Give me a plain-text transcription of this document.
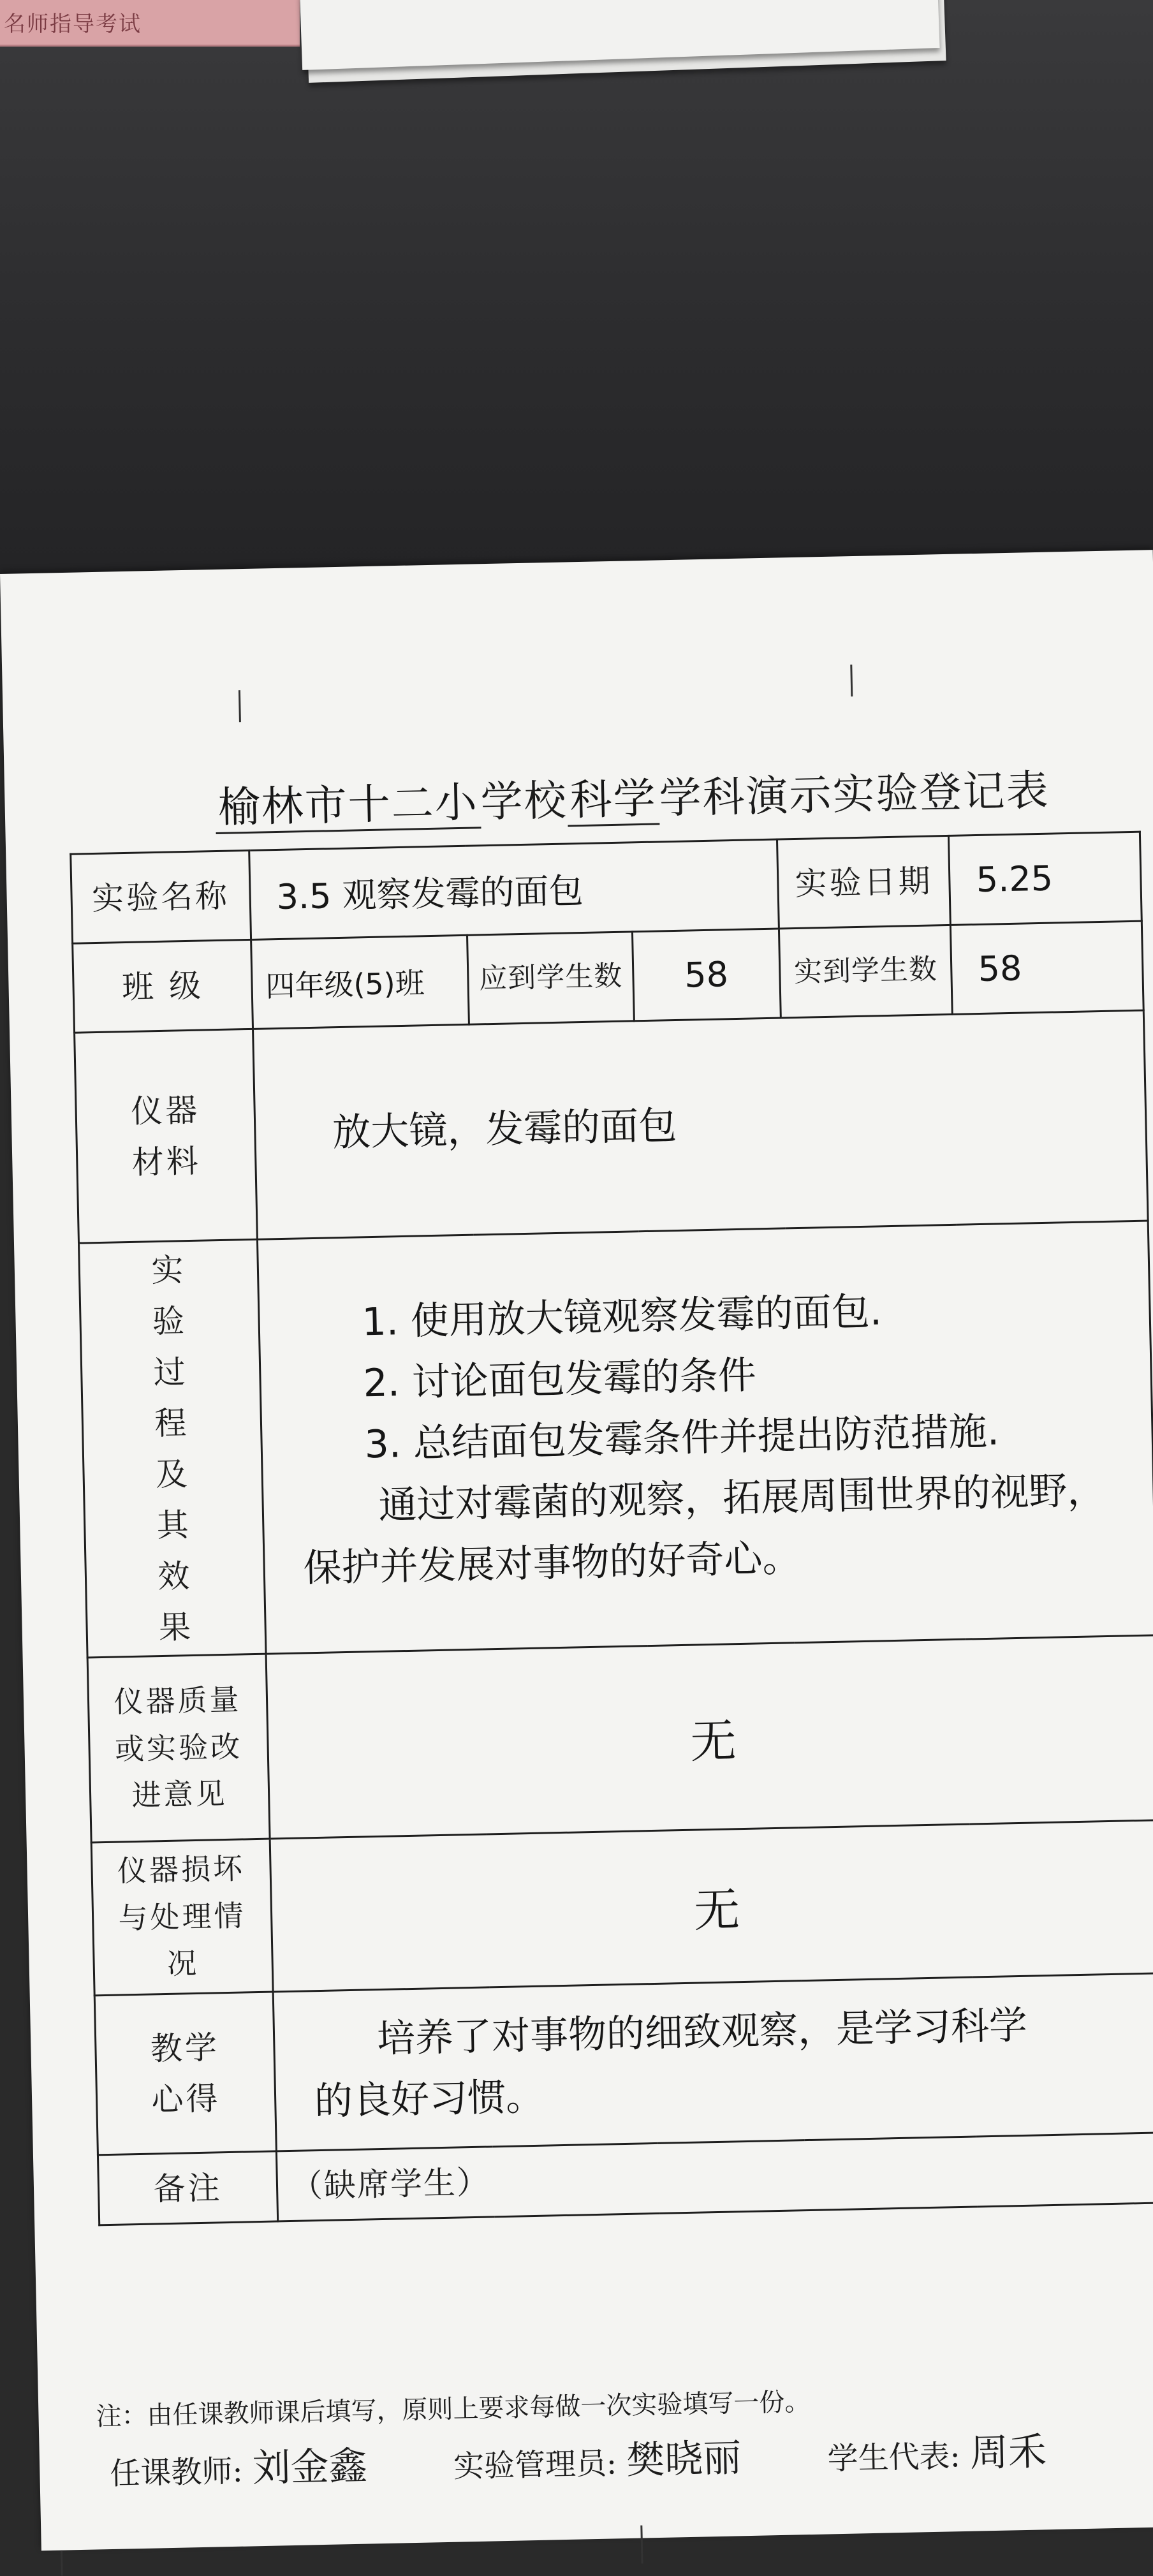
名师指导考试
榆林市十二小学校科学学科演示实验登记表
实验名称	3.5 观察发霉的面包			实验日期	5.25
班 级	四年级(5)班	应到学生数	58	实到学生数	58
仪器材料	放大镜，发霉的面包				
实验过程及其效果	1. 使用放大镜观察发霉的面包.
2. 讨论面包发霉的条件
3. 总结面包发霉条件并提出防范措施.
通过对霉菌的观察，拓展周围世界的视野，
保护并发展对事物的好奇心。				

仪器质量或实验改进意见	无				
仪器损坏与处理情况	无				
教学心得	培养了对事物的细致观察，是学习科学
的良好习惯。				

备注	（缺席学生）				
注：由任课教师课后填写，原则上要求每做一次实验填写一份。
任课教师: 刘金鑫	实验管理员: 樊晓丽	学生代表: 周禾
